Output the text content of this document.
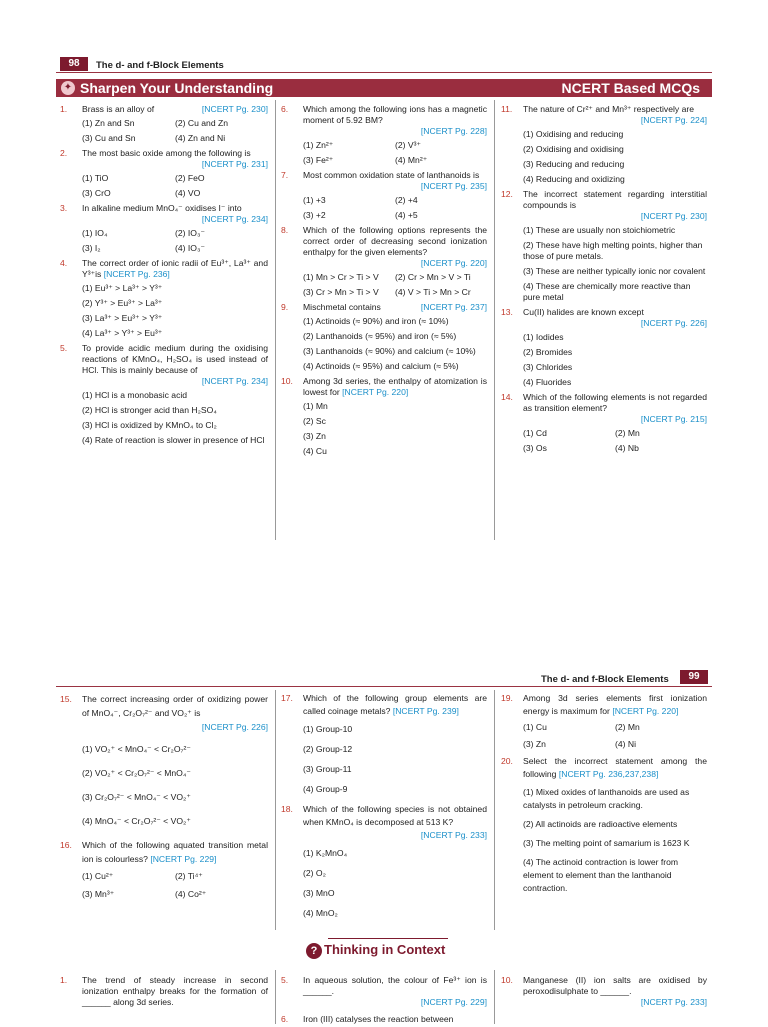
98	The d- and f-Block Elements
✦ Sharpen Your Understanding	NCERT Based MCQs
1. Brass is an alloy of	[NCERT Pg. 230]
(1) Zn and Sn	(2) Cu and Zn
(3) Cu and Sn	(4) Zn and Ni
2.	The most basic oxide among the following is
[NCERT Pg. 231]
(1) TiO	(2) FeO
(3) CrO	(4) VO
3.	In alkaline medium MnO₄⁻ oxidises I⁻ into
[NCERT Pg. 234]
(1) IO₄	(2) IO₃⁻
(3) I₂	(4) IO₃⁻
4.	The correct order of ionic radii of Eu³⁺, La³⁺ and Y³⁺is [NCERT Pg. 236]
(1) Eu³⁺ > La³⁺ > Y³⁺
(2) Y³⁺ > Eu³⁺ > La³⁺
(3) La³⁺ > Eu³⁺ > Y³⁺
(4) La³⁺ > Y³⁺ > Eu³⁺
5.	To provide acidic medium during the oxidising reactions of KMnO₄, H₂SO₄ is used instead of HCl. This is mainly because of
[NCERT Pg. 234]
(1) HCl is a monobasic acid
(2) HCl is stronger acid than H₂SO₄
(3) HCl is oxidized by KMnO₄ to Cl₂
(4) Rate of reaction is slower in presence of HCl
6.	Which among the following ions has a magnetic moment of 5.92 BM?
[NCERT Pg. 228]
(1) Zn²⁺	(2) V³⁺
(3) Fe²⁺	(4) Mn²⁺
7.	Most common oxidation state of lanthanoids is
[NCERT Pg. 235]
(1) +3	(2) +4
(3) +2	(4) +5
8.	Which of the following options represents the correct order of decreasing second ionization enthalpy for the given elements?
[NCERT Pg. 220]
(1) Mn > Cr > Ti > V	(2) Cr > Mn > V > Ti
(3) Cr > Mn > Ti > V	(4) V > Ti > Mn > Cr
9. Mischmetal contains	[NCERT Pg. 237]
(1) Actinoids (≈ 90%) and iron (≈ 10%)
(2) Lanthanoids (≈ 95%) and iron (≈ 5%)
(3) Lanthanoids (≈ 90%) and calcium (≈ 10%)
(4) Actinoids (≈ 95%) and calcium (≈ 5%)
10.	Among 3d series, the enthalpy of atomization is lowest for [NCERT Pg. 220]
(1) Mn
(2) Sc
(3) Zn
(4) Cu
11.	The nature of Cr²⁺ and Mn³⁺ respectively are
[NCERT Pg. 224]
(1) Oxidising and reducing
(2) Oxidising and oxidising
(3) Reducing and reducing
(4) Reducing and oxidizing
12.	The incorrect statement regarding interstitial compounds is
[NCERT Pg. 230]
(1) These are usually non stoichiometric
(2) These have high melting points, higher than those of pure metals.
(3) These are neither typically ionic nor covalent
(4) These are chemically more reactive than pure metal
13.	Cu(II) halides are known except
[NCERT Pg. 226]
(1) Iodides
(2) Bromides
(3) Chlorides
(4) Fluorides
14.	Which of the following elements is not regarded as transition element?
[NCERT Pg. 215]
(1) Cd	(2) Mn
(3) Os	(4) Nb
The d- and f-Block Elements	99
15.	The correct increasing order of oxidizing power of MnO₄⁻, Cr₂O₇²⁻ and VO₂⁺ is
[NCERT Pg. 226]
(1) VO₂⁺ < MnO₄⁻ < Cr₂O₇²⁻
(2) VO₂⁺ < Cr₂O₇²⁻ < MnO₄⁻
(3) Cr₂O₇²⁻ < MnO₄⁻ < VO₂⁺
(4) MnO₄⁻ < Cr₂O₇²⁻ < VO₂⁺
16.	Which of the following aquated transition metal ion is colourless? [NCERT Pg. 229]
(1) Cu²⁺	(2) Ti⁴⁺
(3) Mn³⁺	(4) Co²⁺
17.	Which of the following group elements are called coinage metals? [NCERT Pg. 239]
(1) Group-10
(2) Group-12
(3) Group-11
(4) Group-9
18.	Which of the following species is not obtained when KMnO₄ is decomposed at 513 K?
[NCERT Pg. 233]
(1) K₂MnO₄
(2) O₂
(3) MnO
(4) MnO₂
19.	Among 3d series elements first ionization energy is maximum for [NCERT Pg. 220]
(1) Cu	(2) Mn
(3) Zn	(4) Ni
20.	Select the incorrect statement among the following [NCERT Pg. 236,237,238]
(1) Mixed oxides of lanthanoids are used as catalysts in petroleum cracking.
(2) All actinoids are radioactive elements
(3) The melting point of samarium is 1623 K
(4) The actinoid contraction is lower from element to element than the lanthanoid contraction.
? Thinking in Context
1.	The trend of steady increase in second ionization enthalpy breaks for the formation of ______ along 3d series.
5.	In aqueous solution, the colour of Fe³⁺ ion is ______.
[NCERT Pg. 229]
6.	Iron (III) catalyses the reaction between
10.	Manganese (II) ion salts are oxidised by peroxodisulphate to ______.
[NCERT Pg. 233]
